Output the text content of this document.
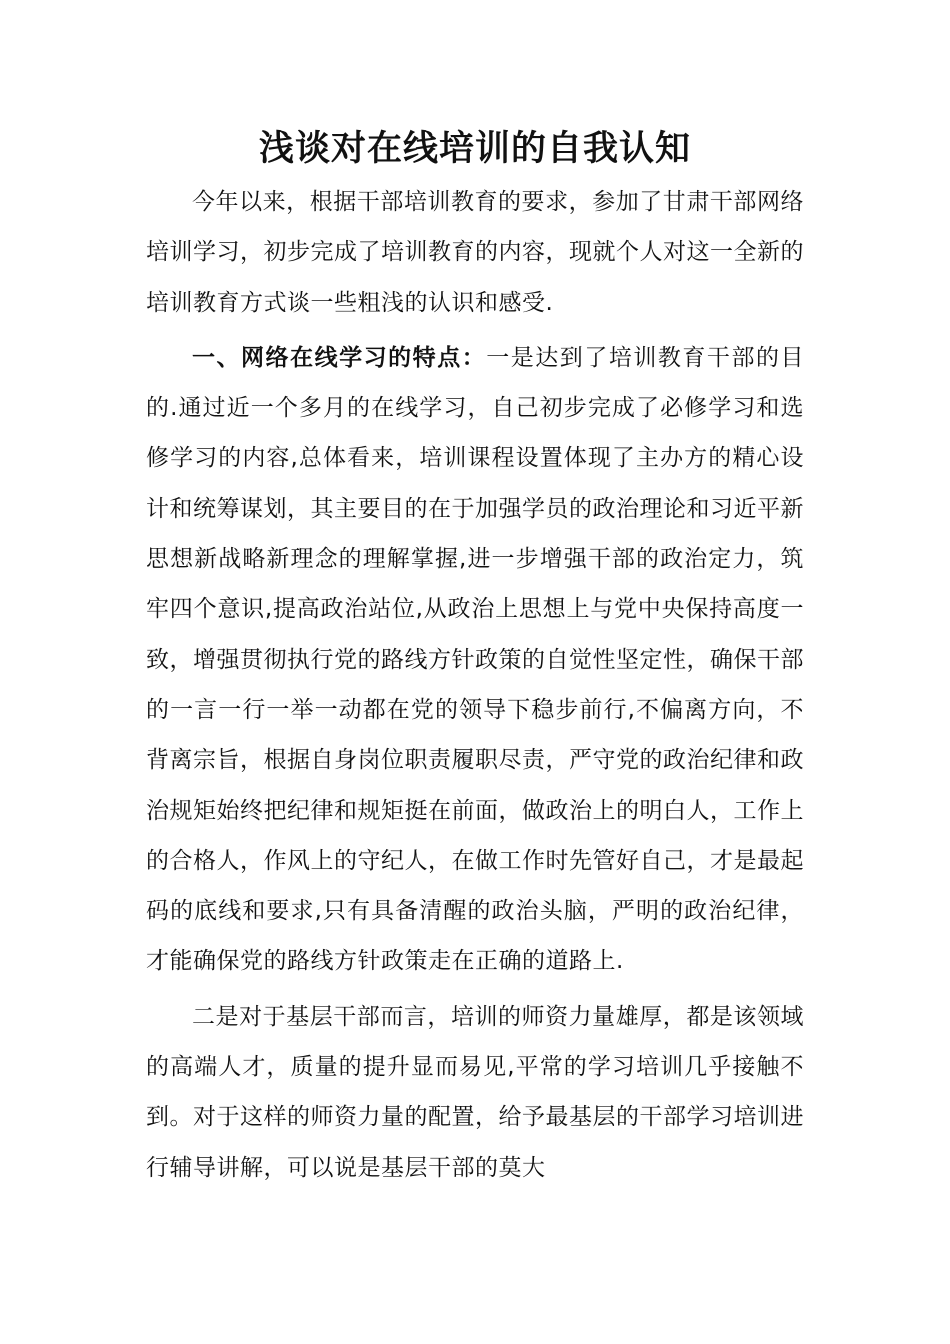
浅谈对在线培训的自我认知

今年以来，根据干部培训教育的要求，参加了甘肃干部网络培训学习，初步完成了培训教育的内容，现就个人对这一全新的培训教育方式谈一些粗浅的认识和感受.

一、网络在线学习的特点：一是达到了培训教育干部的目的.通过近一个多月的在线学习，自己初步完成了必修学习和选修学习的内容,总体看来，培训课程设置体现了主办方的精心设计和统筹谋划，其主要目的在于加强学员的政治理论和习近平新思想新战略新理念的理解掌握,进一步增强干部的政治定力，筑牢四个意识,提高政治站位,从政治上思想上与党中央保持高度一致，增强贯彻执行党的路线方针政策的自觉性坚定性，确保干部的一言一行一举一动都在党的领导下稳步前行,不偏离方向，不背离宗旨，根据自身岗位职责履职尽责，严守党的政治纪律和政治规矩始终把纪律和规矩挺在前面，做政治上的明白人，工作上的合格人，作风上的守纪人，在做工作时先管好自己，才是最起码的底线和要求,只有具备清醒的政治头脑，严明的政治纪律，才能确保党的路线方针政策走在正确的道路上.

二是对于基层干部而言，培训的师资力量雄厚，都是该领域的高端人才，质量的提升显而易见,平常的学习培训几乎接触不到。对于这样的师资力量的配置，给予最基层的干部学习培训进行辅导讲解，可以说是基层干部的莫大
